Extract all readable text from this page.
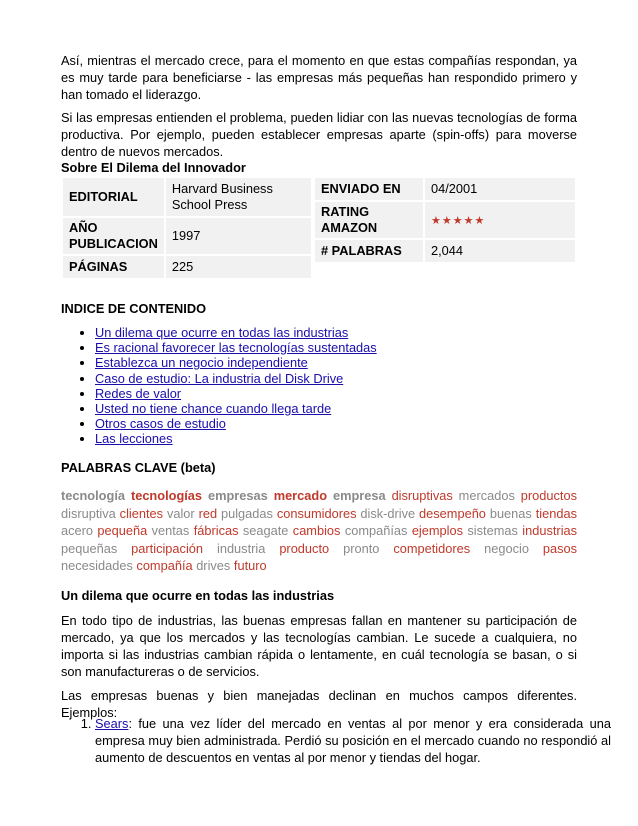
Así, mientras el mercado crece, para el momento en que estas compañías respondan, ya es muy tarde para beneficiarse - las empresas más pequeñas han respondido primero y han tomado el liderazgo.
Si las empresas entienden el problema, pueden lidiar con las nuevas tecnologías de forma productiva. Por ejemplo, pueden establecer empresas aparte (spin-offs) para moverse dentro de nuevos mercados.
Sobre El Dilema del Innovador
EDITORIAL	Harvard Business School Press
AÑO PUBLICACION	1997
PÁGINAS	225
ENVIADO EN	04/2001
RATING AMAZON	★★★★★
# PALABRAS	2,044
INDICE DE CONTENIDO
• Un dilema que ocurre en todas las industrias
• Es racional favorecer las tecnologías sustentadas
• Establezca un negocio independiente
• Caso de estudio: La industria del Disk Drive
• Redes de valor
• Usted no tiene chance cuando llega tarde
• Otros casos de estudio
• Las lecciones
PALABRAS CLAVE (beta)
tecnología tecnologías empresas mercado empresa disruptivas mercados productos disruptiva clientes valor red pulgadas consumidores disk-drive desempeño buenas tiendas acero pequeña ventas fábricas seagate cambios compañías ejemplos sistemas industrias pequeñas participación industria producto pronto competidores negocio pasos necesidades compañía drives futuro
Un dilema que ocurre en todas las industrias
En todo tipo de industrias, las buenas empresas fallan en mantener su participación de mercado, ya que los mercados y las tecnologías cambian. Le sucede a cualquiera, no importa si las industrias cambian rápida o lentamente, en cuál tecnología se basan, o si son manufactureras o de servicios.
Las empresas buenas y bien manejadas declinan en muchos campos diferentes. Ejemplos:
1. Sears: fue una vez líder del mercado en ventas al por menor y era considerada una empresa muy bien administrada. Perdió su posición en el mercado cuando no respondió al aumento de descuentos en ventas al por menor y tiendas del hogar.
